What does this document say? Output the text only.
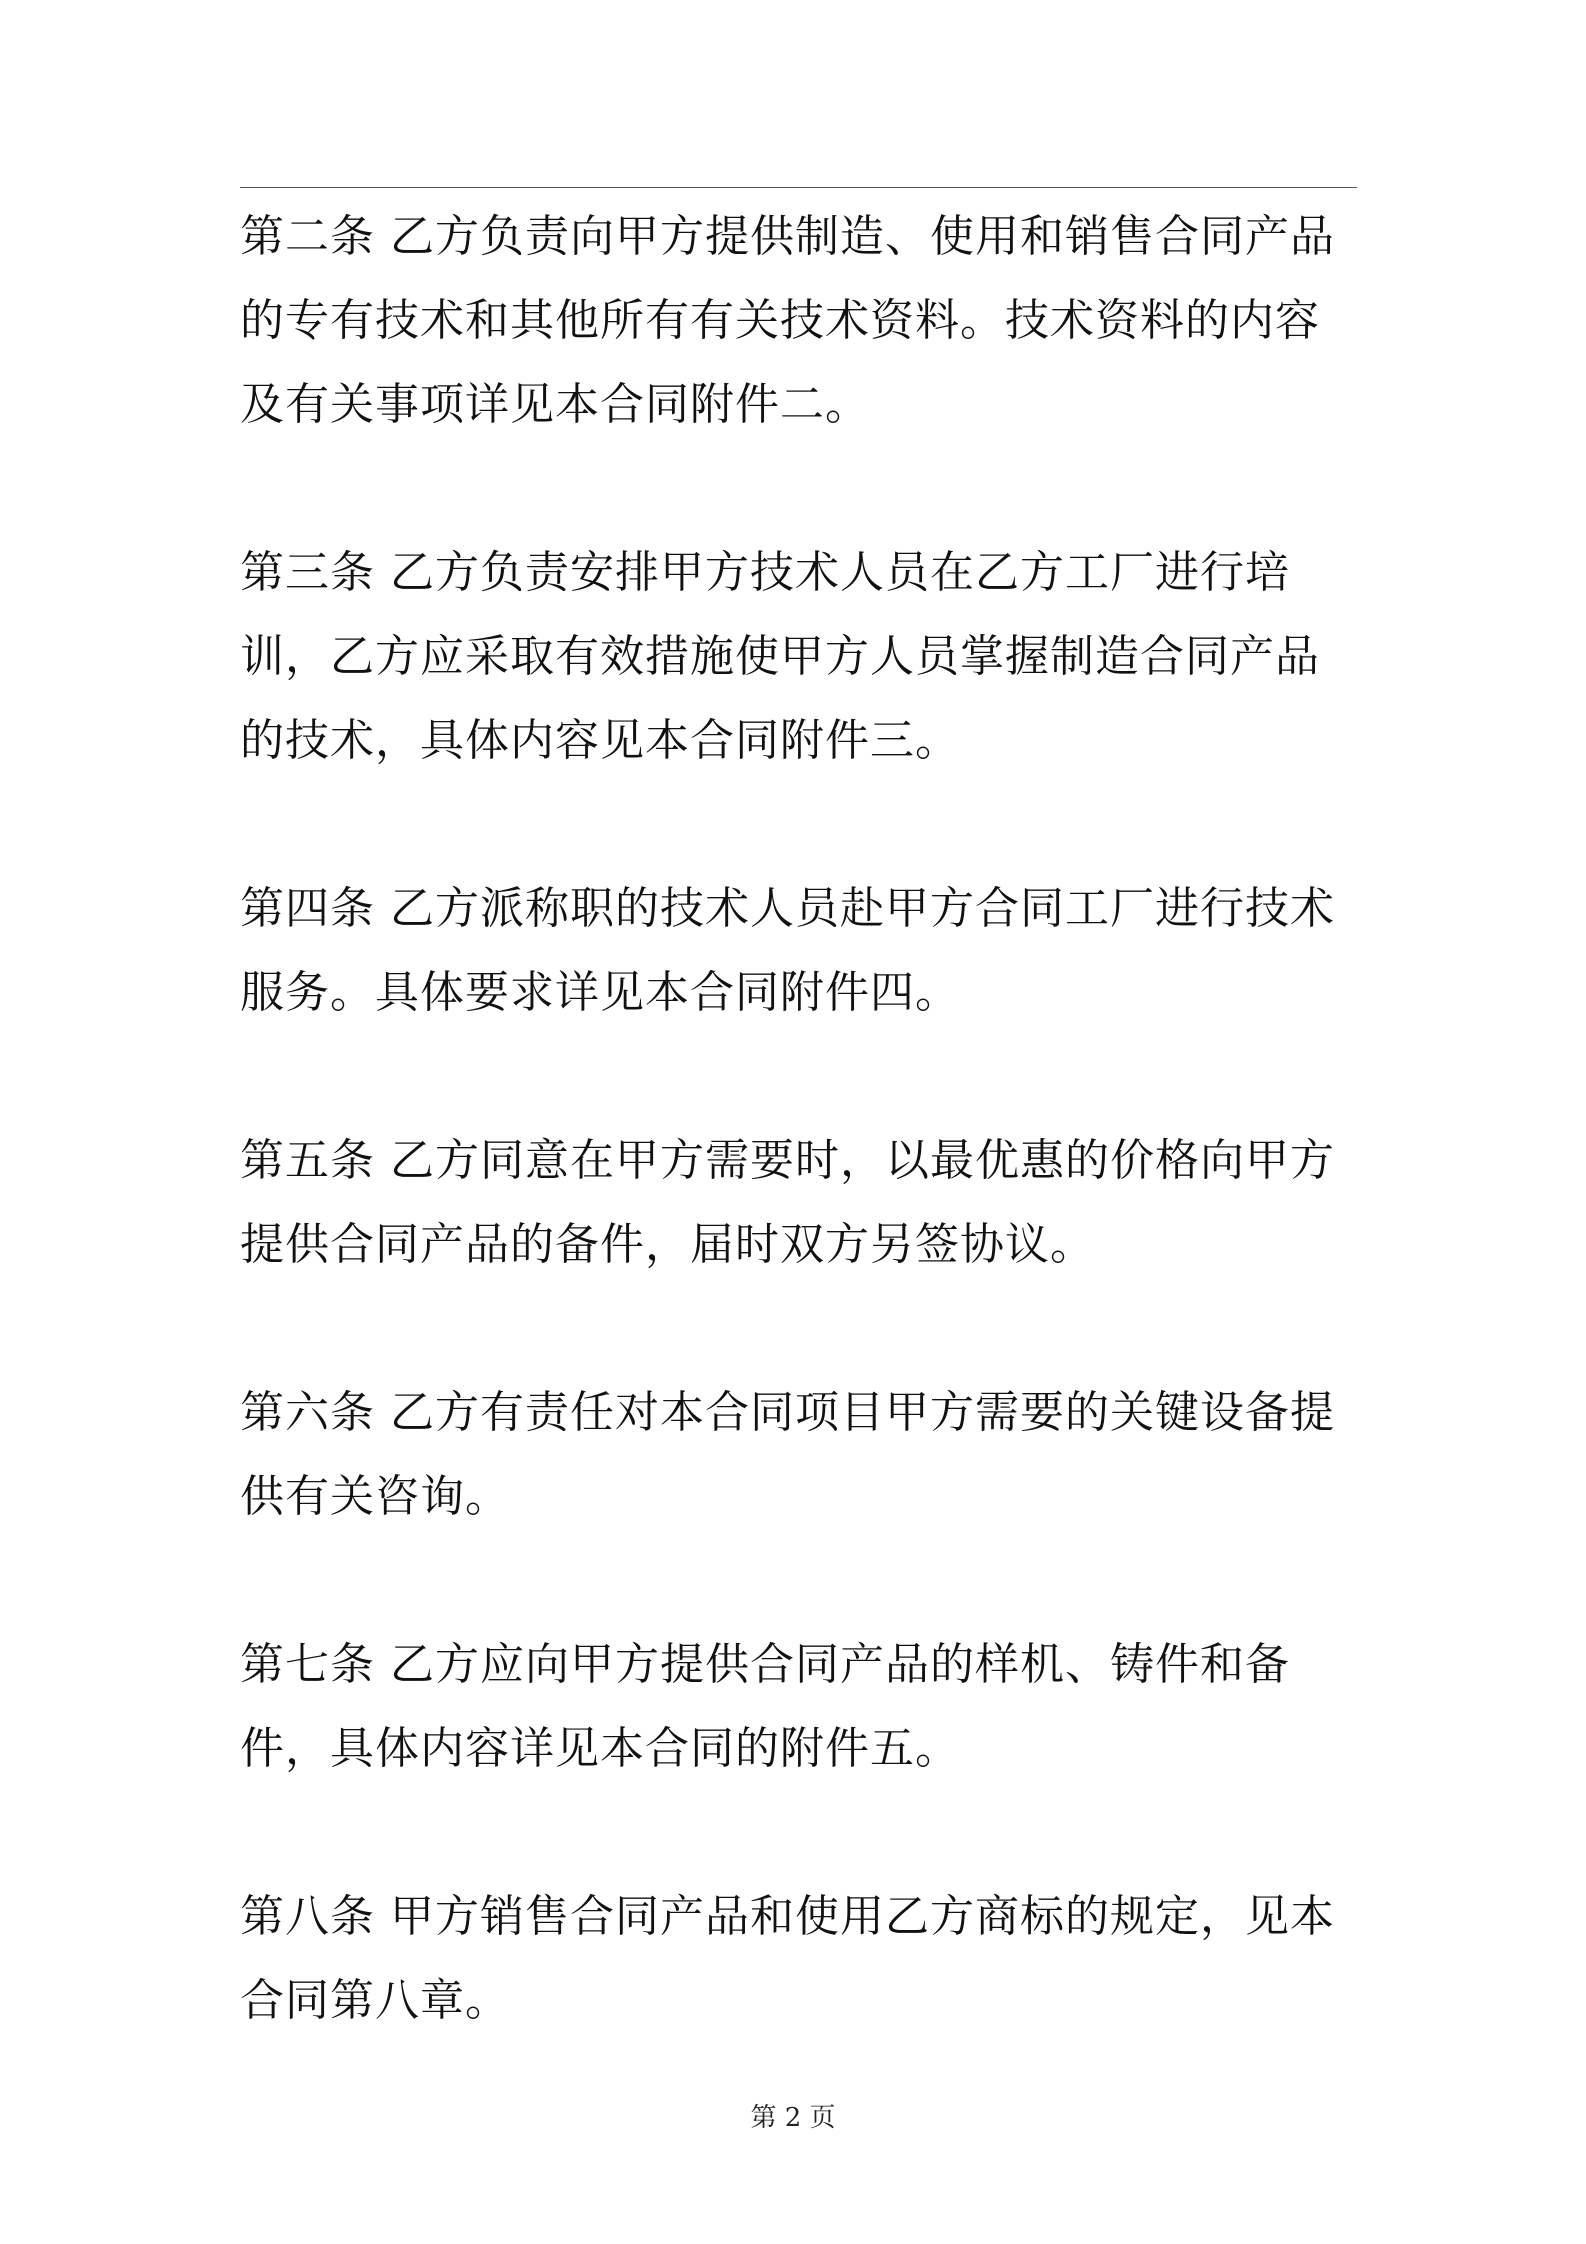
第二条 乙方负责向甲方提供制造、使用和销售合同产品的专有技术和其他所有有关技术资料。技术资料的内容及有关事项详见本合同附件二。

第三条 乙方负责安排甲方技术人员在乙方工厂进行培训，乙方应采取有效措施使甲方人员掌握制造合同产品的技术，具体内容见本合同附件三。

第四条 乙方派称职的技术人员赴甲方合同工厂进行技术服务。具体要求详见本合同附件四。

第五条 乙方同意在甲方需要时，以最优惠的价格向甲方提供合同产品的备件，届时双方另签协议。

第六条 乙方有责任对本合同项目甲方需要的关键设备提供有关咨询。

第七条 乙方应向甲方提供合同产品的样机、铸件和备件，具体内容详见本合同的附件五。

第八条 甲方销售合同产品和使用乙方商标的规定，见本合同第八章。

第 2 页
